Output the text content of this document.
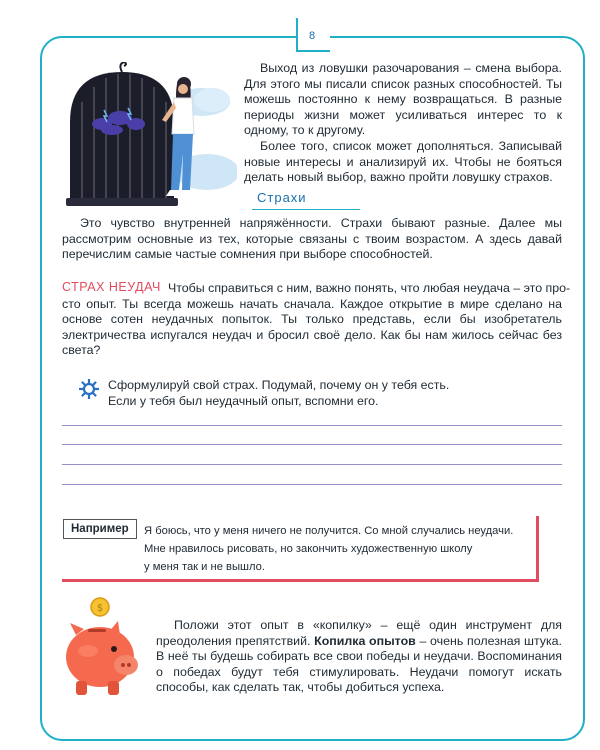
8
Выход из ловушки разочарования – смена выбора. Для этого мы писали список разных способностей. Ты можешь постоянно к нему возвращаться. В разные периоды жизни может усиливаться интерес то к одному, то к другому.
Более того, список может дополняться. Записывай новые интересы и анализируй их. Чтобы не бояться делать новый выбор, важно пройти ловушку страхов.
Страхи
Это чувство внутренней напряжённости. Страхи бывают разные. Далее мы рассмотрим основные из тех, которые связаны с твоим возрастом. А здесь давай перечислим самые частые сомнения при выборе способностей.
СТРАХ НЕУДАЧ Чтобы справиться с ним, важно понять, что любая неудача – это про-
сто опыт. Ты всегда можешь начать сначала. Каждое открытие в мире сделано на основе сотен неудачных попыток. Ты только представь, если бы изобретатель электричества испугался неудач и бросил своё дело. Как бы нам жилось сейчас без света?
Сформулируй свой страх. Подумай, почему он у тебя есть.
Если у тебя был неудачный опыт, вспомни его.
Например	Я боюсь, что у меня ничего не получится. Со мной случались неудачи.
Мне нравилось рисовать, но закончить художественную школу
у меня так и не вышло.
$
Положи этот опыт в «копилку» – ещё один инструмент для преодоления препятствий. Копилка опытов – очень полезная штука. В неё ты будешь собирать все свои победы и неудачи. Воспоминания о победах будут тебя стимулировать. Неудачи помогут искать способы, как сделать так, чтобы добиться успеха.
